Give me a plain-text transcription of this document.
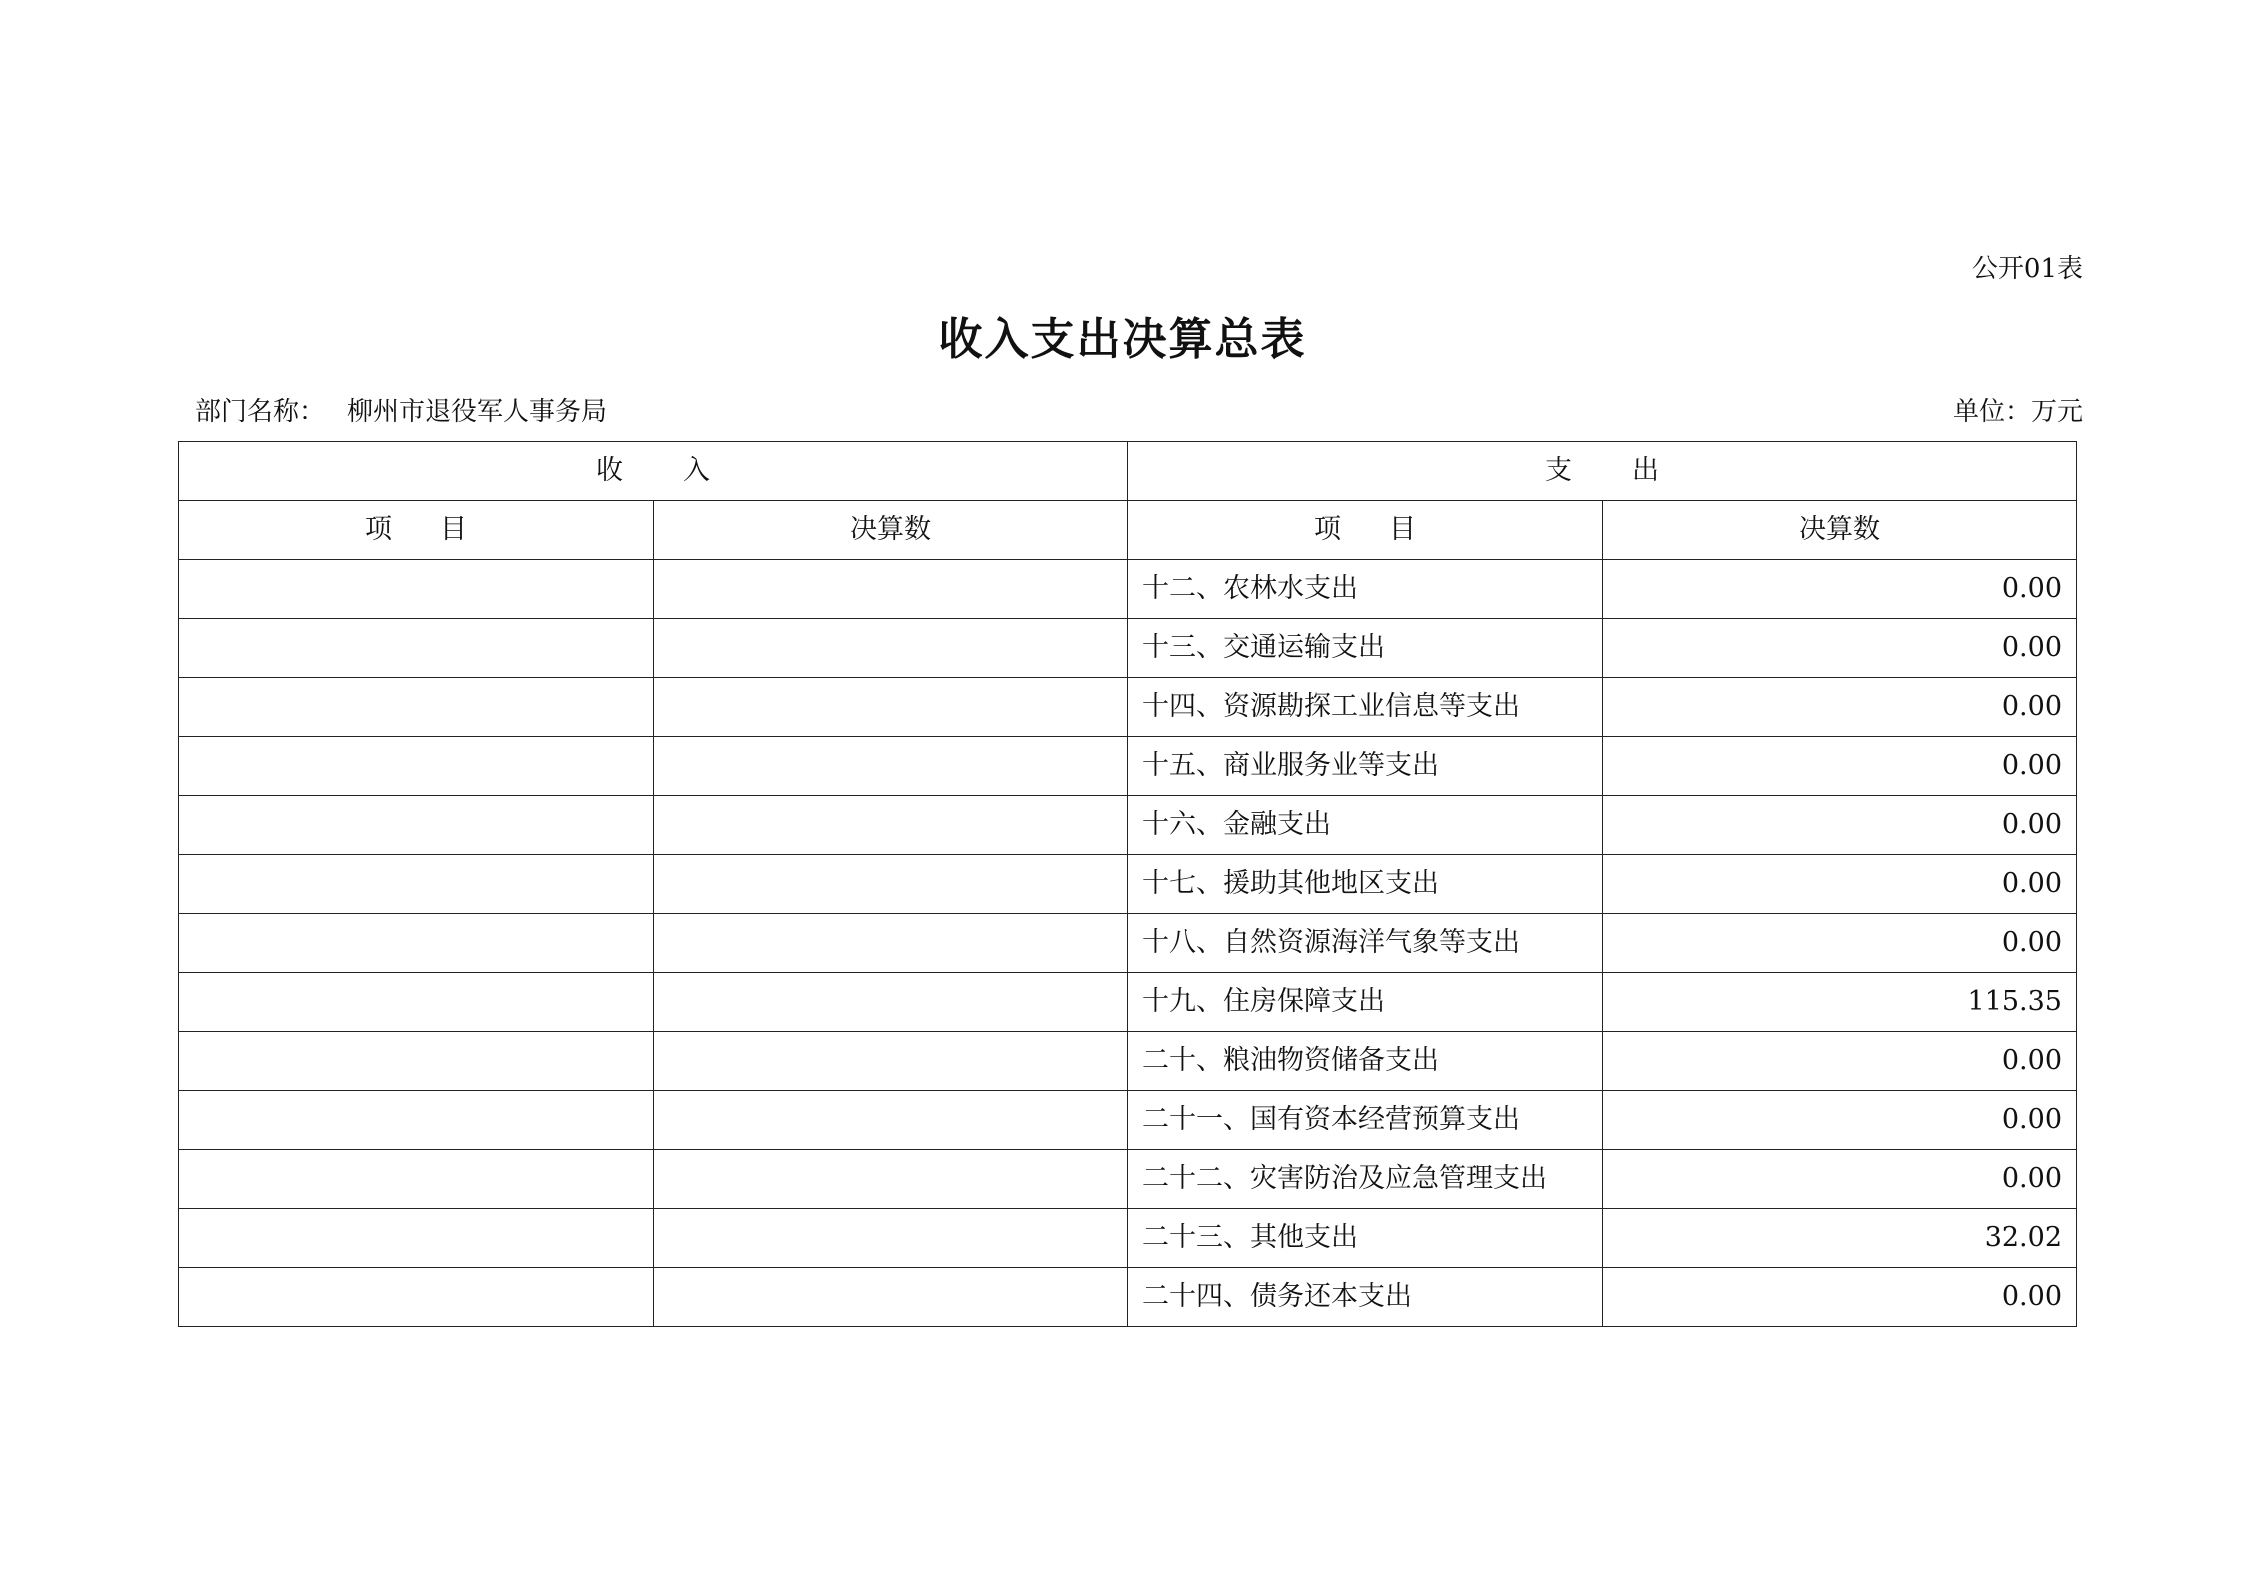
公开01表
收入支出决算总表
部门名称： 柳州市退役军人事务局	单位：万元
收入		支出	
项目	决算数	项目	决算数
		十二、农林水支出	0.00
		十三、交通运输支出	0.00
		十四、资源勘探工业信息等支出	0.00
		十五、商业服务业等支出	0.00
		十六、金融支出	0.00
		十七、援助其他地区支出	0.00
		十八、自然资源海洋气象等支出	0.00
		十九、住房保障支出	115.35
		二十、粮油物资储备支出	0.00
		二十一、国有资本经营预算支出	0.00
		二十二、灾害防治及应急管理支出	0.00
		二十三、其他支出	32.02
		二十四、债务还本支出	0.00
